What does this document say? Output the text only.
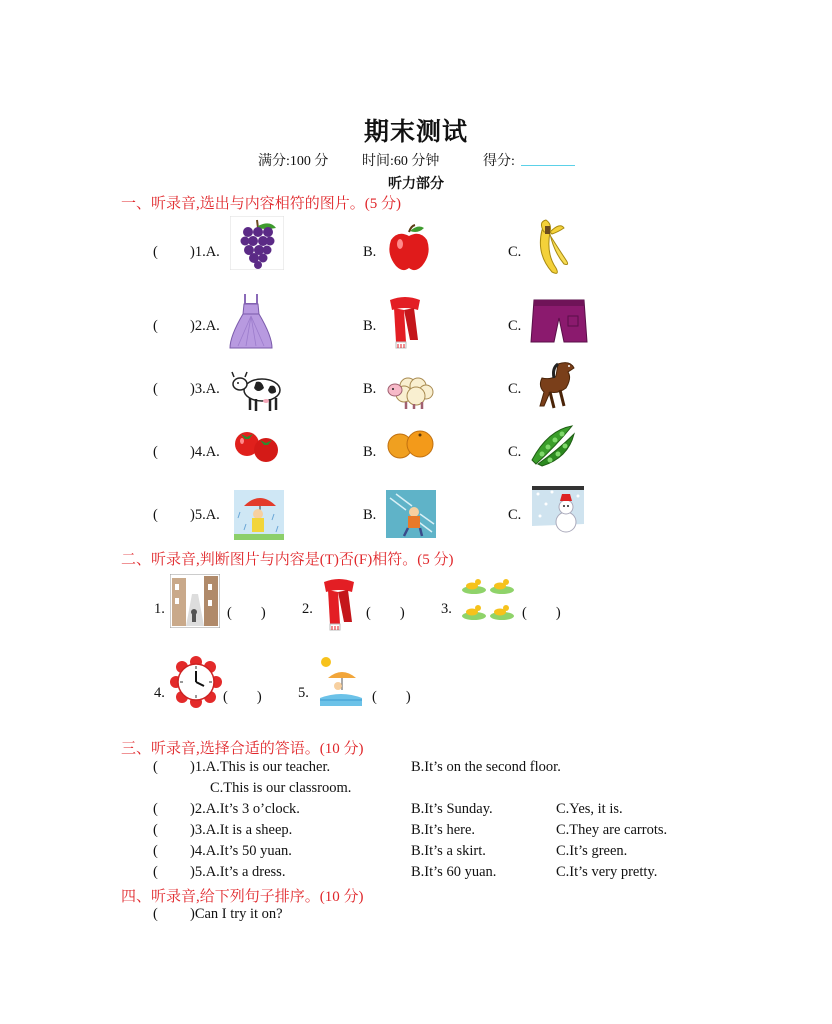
期末测试
满分:100 分 时间:60 分钟	得分:
听力部分
一、听录音,选出与内容相符的图片。(5 分)
( )1.A.	B.	C.
( )2.A.	B.	C.
( )3.A.	B.	C.
( )4.A.	B.	C.
( )5.A.	B.	C.
二、听录音,判断图片与内容是(T)否(F)相符。(5 分)
1.	(　　)	2.	(　　)	3.	(　　)
4.	(　　)	5.	(　　)
三、听录音,选择合适的答语。(10 分)
( )1.A.This is our teacher.	B.It’s on the second floor.
C.This is our classroom.
( )2.A.It’s 3 o’clock.	B.It’s Sunday.	C.Yes, it is.
( )3.A.It is a sheep.	B.It’s here.	C.They are carrots.
( )4.A.It’s 50 yuan.	B.It’s a skirt.	C.It’s green.
( )5.A.It’s a dress.	B.It’s 60 yuan.	C.It’s very pretty.
四、听录音,给下列句子排序。(10 分)
( )Can I try it on?
